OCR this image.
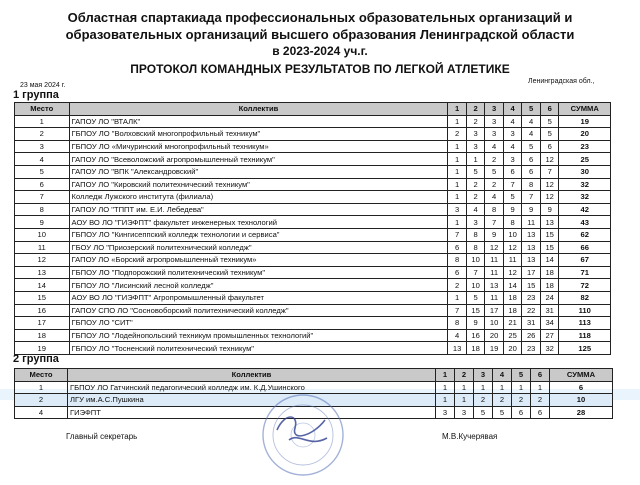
Областная спартакиада профессиональных образовательных организаций и
образовательных организаций высшего образования Ленинградской области
в 2023-2024 уч.г.
ПРОТОКОЛ КОМАНДНЫХ РЕЗУЛЬТАТОВ ПО ЛЕГКОЙ АТЛЕТИКЕ
23 мая 2024 г.
Ленинградская обл.,
1 группа
Место	Коллектив	1	2	3	4	5	6	СУММА
1	ГАПОУ ЛО "ВТАЛК"	1	2	3	4	4	5	19
2	ГБПОУ ЛО "Волховский многопрофильный техникум"	2	3	3	3	4	5	20
3	ГБПОУ ЛО «Мичуринский многопрофильный техникум»	1	3	4	4	5	6	23
4	ГАПОУ ЛО "Всеволожский агропромышленный техникум"	1	1	2	3	6	12	25
5	ГАПОУ ЛО "ВПК "Александровский"	1	5	5	6	6	7	30
6	ГАПОУ ЛО "Кировский политехнический техникум"	1	2	2	7	8	12	32
7	Колледж Лужского института (филиала)	1	2	4	5	7	12	32
8	ГАПОУ ЛО "ТППТ им. Е.И. Лебедева"	3	4	8	9	9	9	42
9	АОУ ВО ЛО "ГИЭФПТ" факультет инженерных технологий	1	3	7	8	11	13	43
10	ГБПОУ ЛО "Кингисеппский колледж технологии и сервиса"	7	8	9	10	13	15	62
11	ГБОУ ЛО "Приозерский политехнический колледж"	6	8	12	12	13	15	66
12	ГАПОУ ЛО «Борский агропромышленный техникум»	8	10	11	11	13	14	67
13	ГБПОУ ЛО "Подпорожский политехнический техникум"	6	7	11	12	17	18	71
14	ГБПОУ ЛО "Лисинский лесной колледж"	2	10	13	14	15	18	72
15	АОУ ВО ЛО "ГИЭФПТ" Агропромышленный факультет	1	5	11	18	23	24	82
16	ГАПОУ СПО ЛО "Сосновоборский политехнический колледж"	7	15	17	18	22	31	110
17	ГБПОУ ЛО "СИТ"	8	9	10	21	31	34	113
18	ГБПОУ ЛО "Лодейнопольский техникум промышленных технологий"	4	16	20	25	26	27	118
19	ГБПОУ ЛО "Тосненский политехнический техникум"	13	18	19	20	23	32	125
2 группа
Место	Коллектив	1	2	3	4	5	6	СУММА
1	ГБПОУ ЛО Гатчинский педагогический колледж им. К.Д.Ушинского	1	1	1	1	1	1	6
2	ЛГУ им.А.С.Пушкина	1	1	2	2	2	2	10
4	ГИЭФПТ	3	3	5	5	6	6	28
Главный секретарь	М.В.Кучерявая
